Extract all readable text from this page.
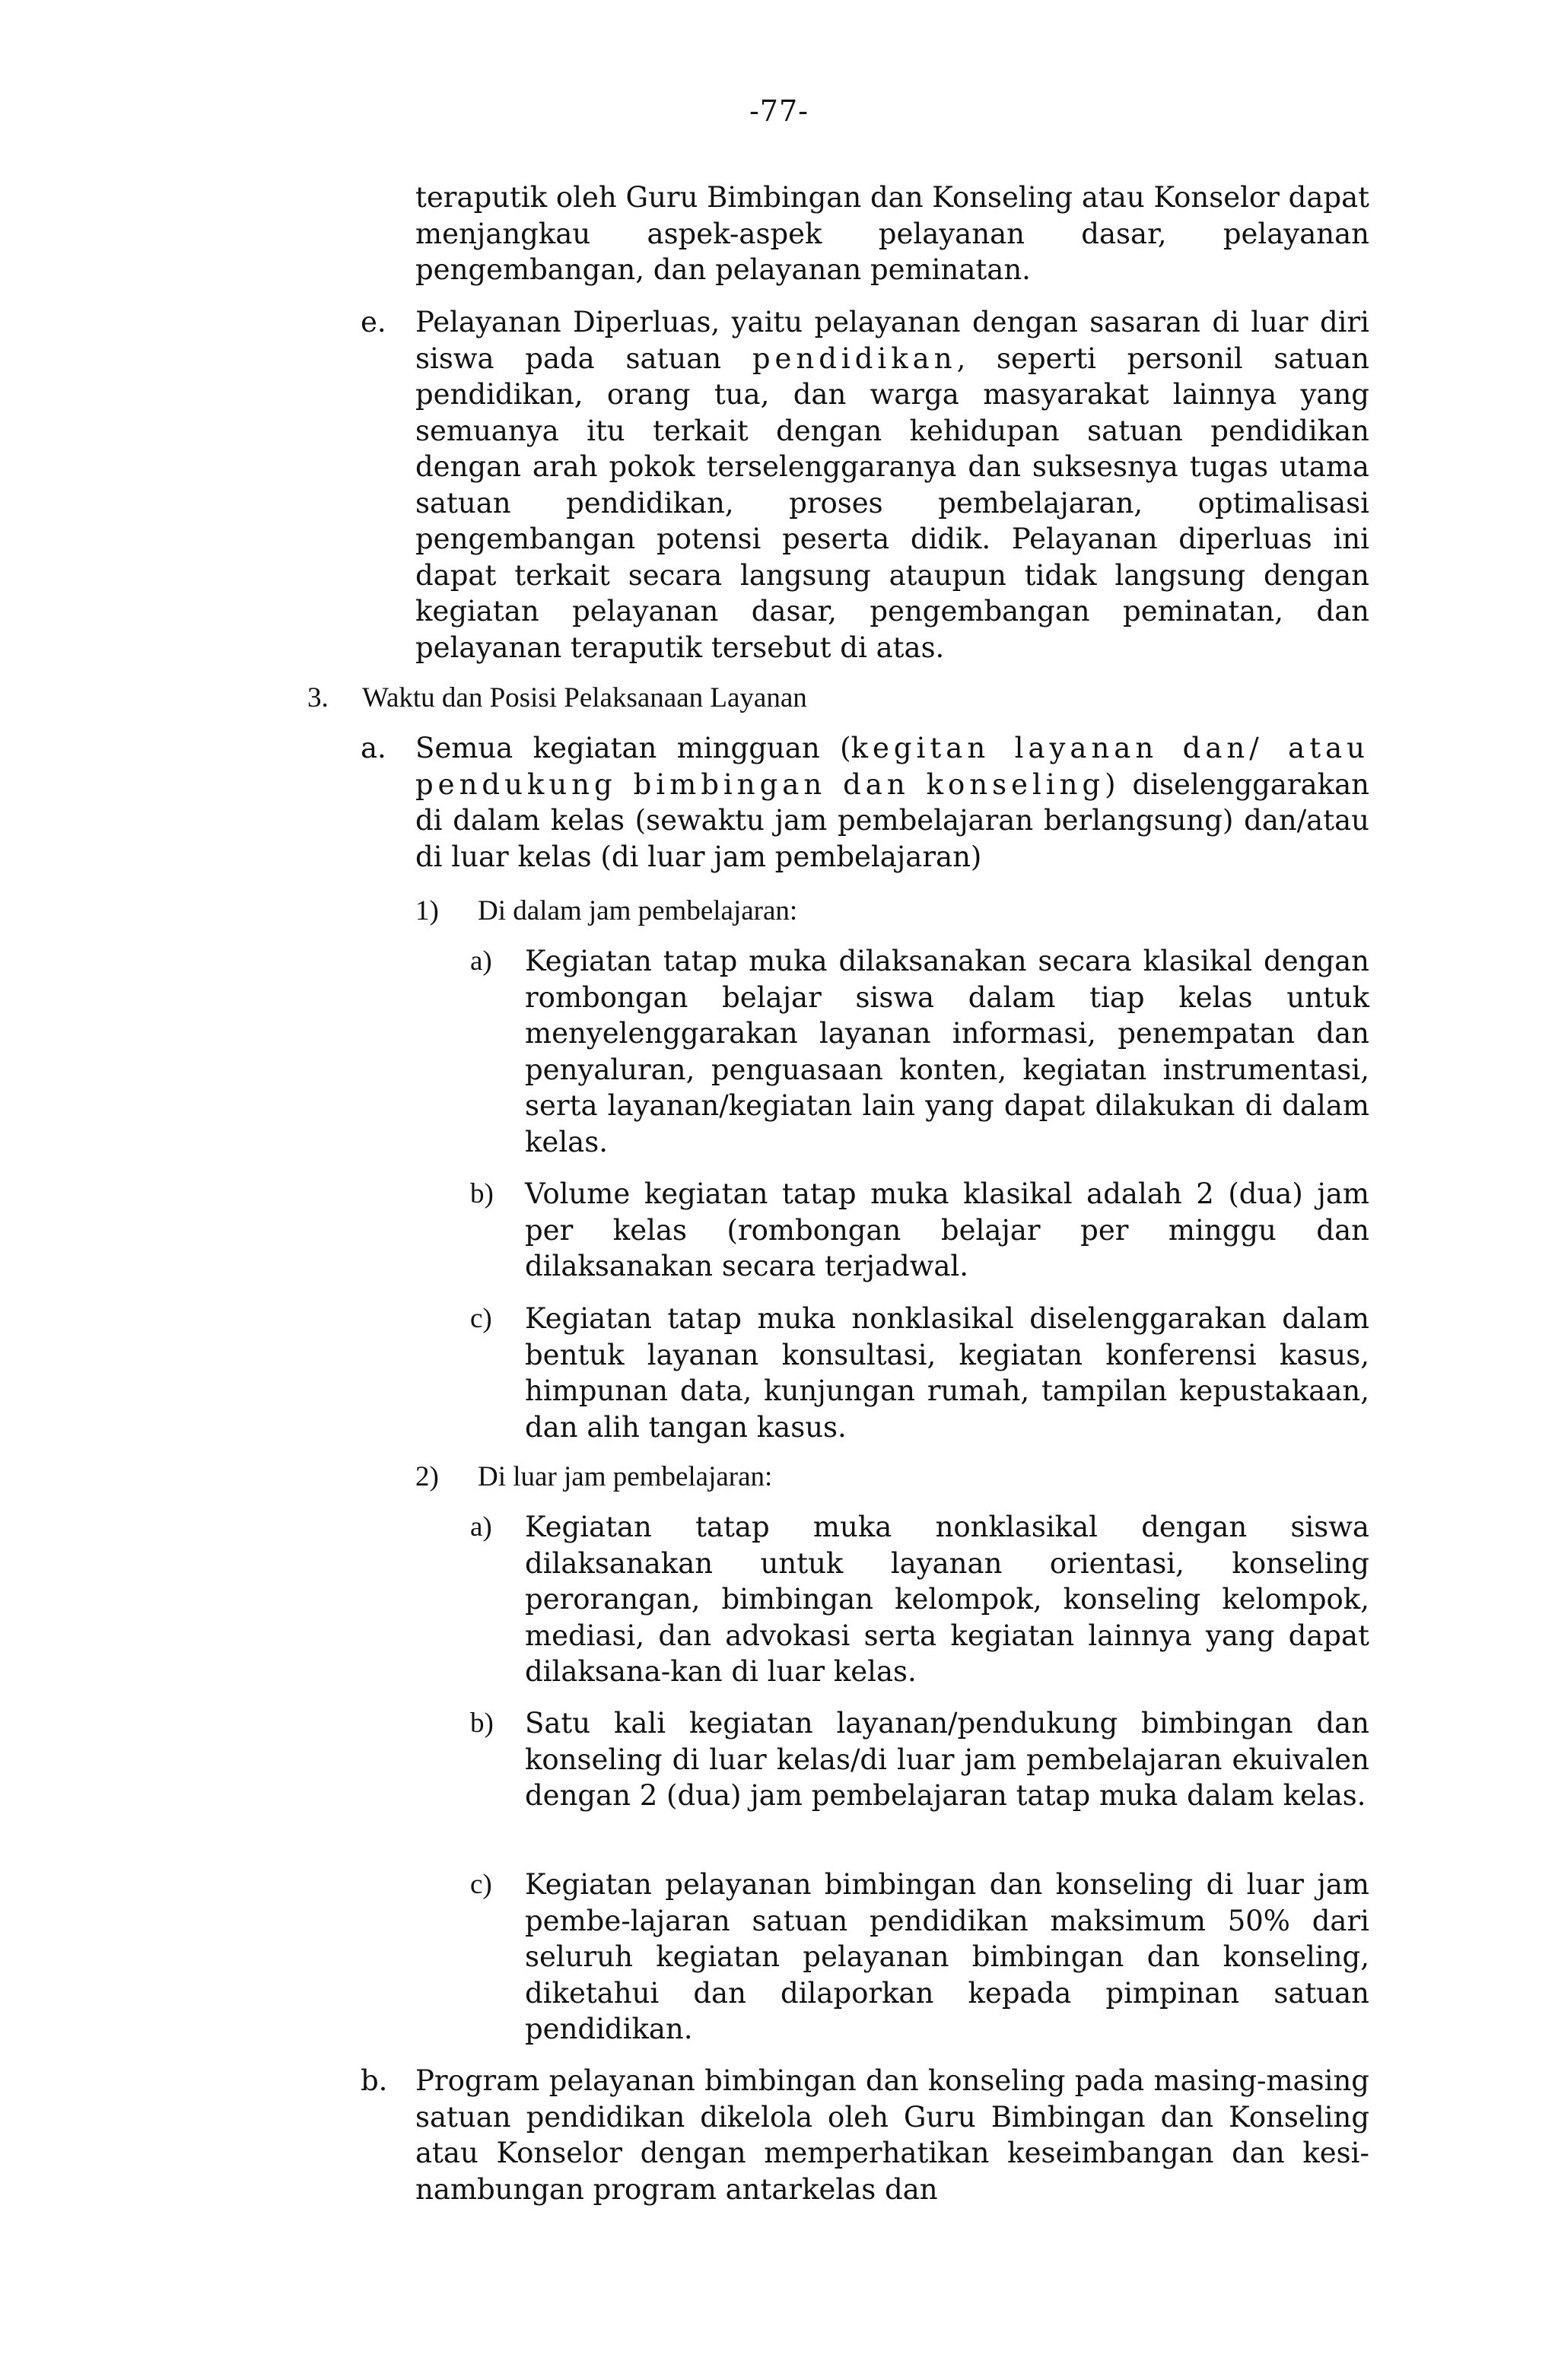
-77-
teraputik oleh Guru Bimbingan dan Konseling atau Konselor dapat menjangkau aspek-aspek pelayanan dasar, pelayanan pengembangan, dan pelayanan peminatan.
e. Pelayanan Diperluas, yaitu pelayanan dengan sasaran di luar diri siswa pada satuan pendidikan, seperti personil satuan pendidikan, orang tua, dan warga masyarakat lainnya yang semuanya itu terkait dengan kehidupan satuan pendidikan dengan arah pokok terselenggaranya dan suksesnya tugas utama satuan pendidikan, proses pembelajaran, optimalisasi pengembangan potensi peserta didik. Pelayanan diperluas ini dapat terkait secara langsung ataupun tidak langsung dengan kegiatan pelayanan dasar, pengembangan peminatan, dan pelayanan teraputik tersebut di atas.
3. Waktu dan Posisi Pelaksanaan Layanan
a. Semua kegiatan mingguan (kegitan layanan dan/ atau pendukung bimbingan dan konseling) diselenggarakan di dalam kelas (sewaktu jam pembelajaran berlangsung) dan/atau di luar kelas (di luar jam pembelajaran)
1) Di dalam jam pembelajaran:
a) Kegiatan tatap muka dilaksanakan secara klasikal dengan rombongan belajar siswa dalam tiap kelas untuk menyelenggarakan layanan informasi, penempatan dan penyaluran, penguasaan konten, kegiatan instrumentasi, serta layanan/kegiatan lain yang dapat dilakukan di dalam kelas.
b) Volume kegiatan tatap muka klasikal adalah 2 (dua) jam per kelas (rombongan belajar per minggu dan dilaksanakan secara terjadwal.
c) Kegiatan tatap muka nonklasikal diselenggarakan dalam bentuk layanan konsultasi, kegiatan konferensi kasus, himpunan data, kunjungan rumah, tampilan kepustakaan, dan alih tangan kasus.
2) Di luar jam pembelajaran:
a) Kegiatan tatap muka nonklasikal dengan siswa dilaksanakan untuk layanan orientasi, konseling perorangan, bimbingan kelompok, konseling kelompok, mediasi, dan advokasi serta kegiatan lainnya yang dapat dilaksana-kan di luar kelas.
b) Satu kali kegiatan layanan/pendukung bimbingan dan konseling di luar kelas/di luar jam pembelajaran ekuivalen dengan 2 (dua) jam pembelajaran tatap muka dalam kelas.
c) Kegiatan pelayanan bimbingan dan konseling di luar jam pembe-lajaran satuan pendidikan maksimum 50% dari seluruh kegiatan pelayanan bimbingan dan konseling, diketahui dan dilaporkan kepada pimpinan satuan pendidikan.
b. Program pelayanan bimbingan dan konseling pada masing-masing satuan pendidikan dikelola oleh Guru Bimbingan dan Konseling atau Konselor dengan memperhatikan keseimbangan dan kesi-nambungan program antarkelas dan
